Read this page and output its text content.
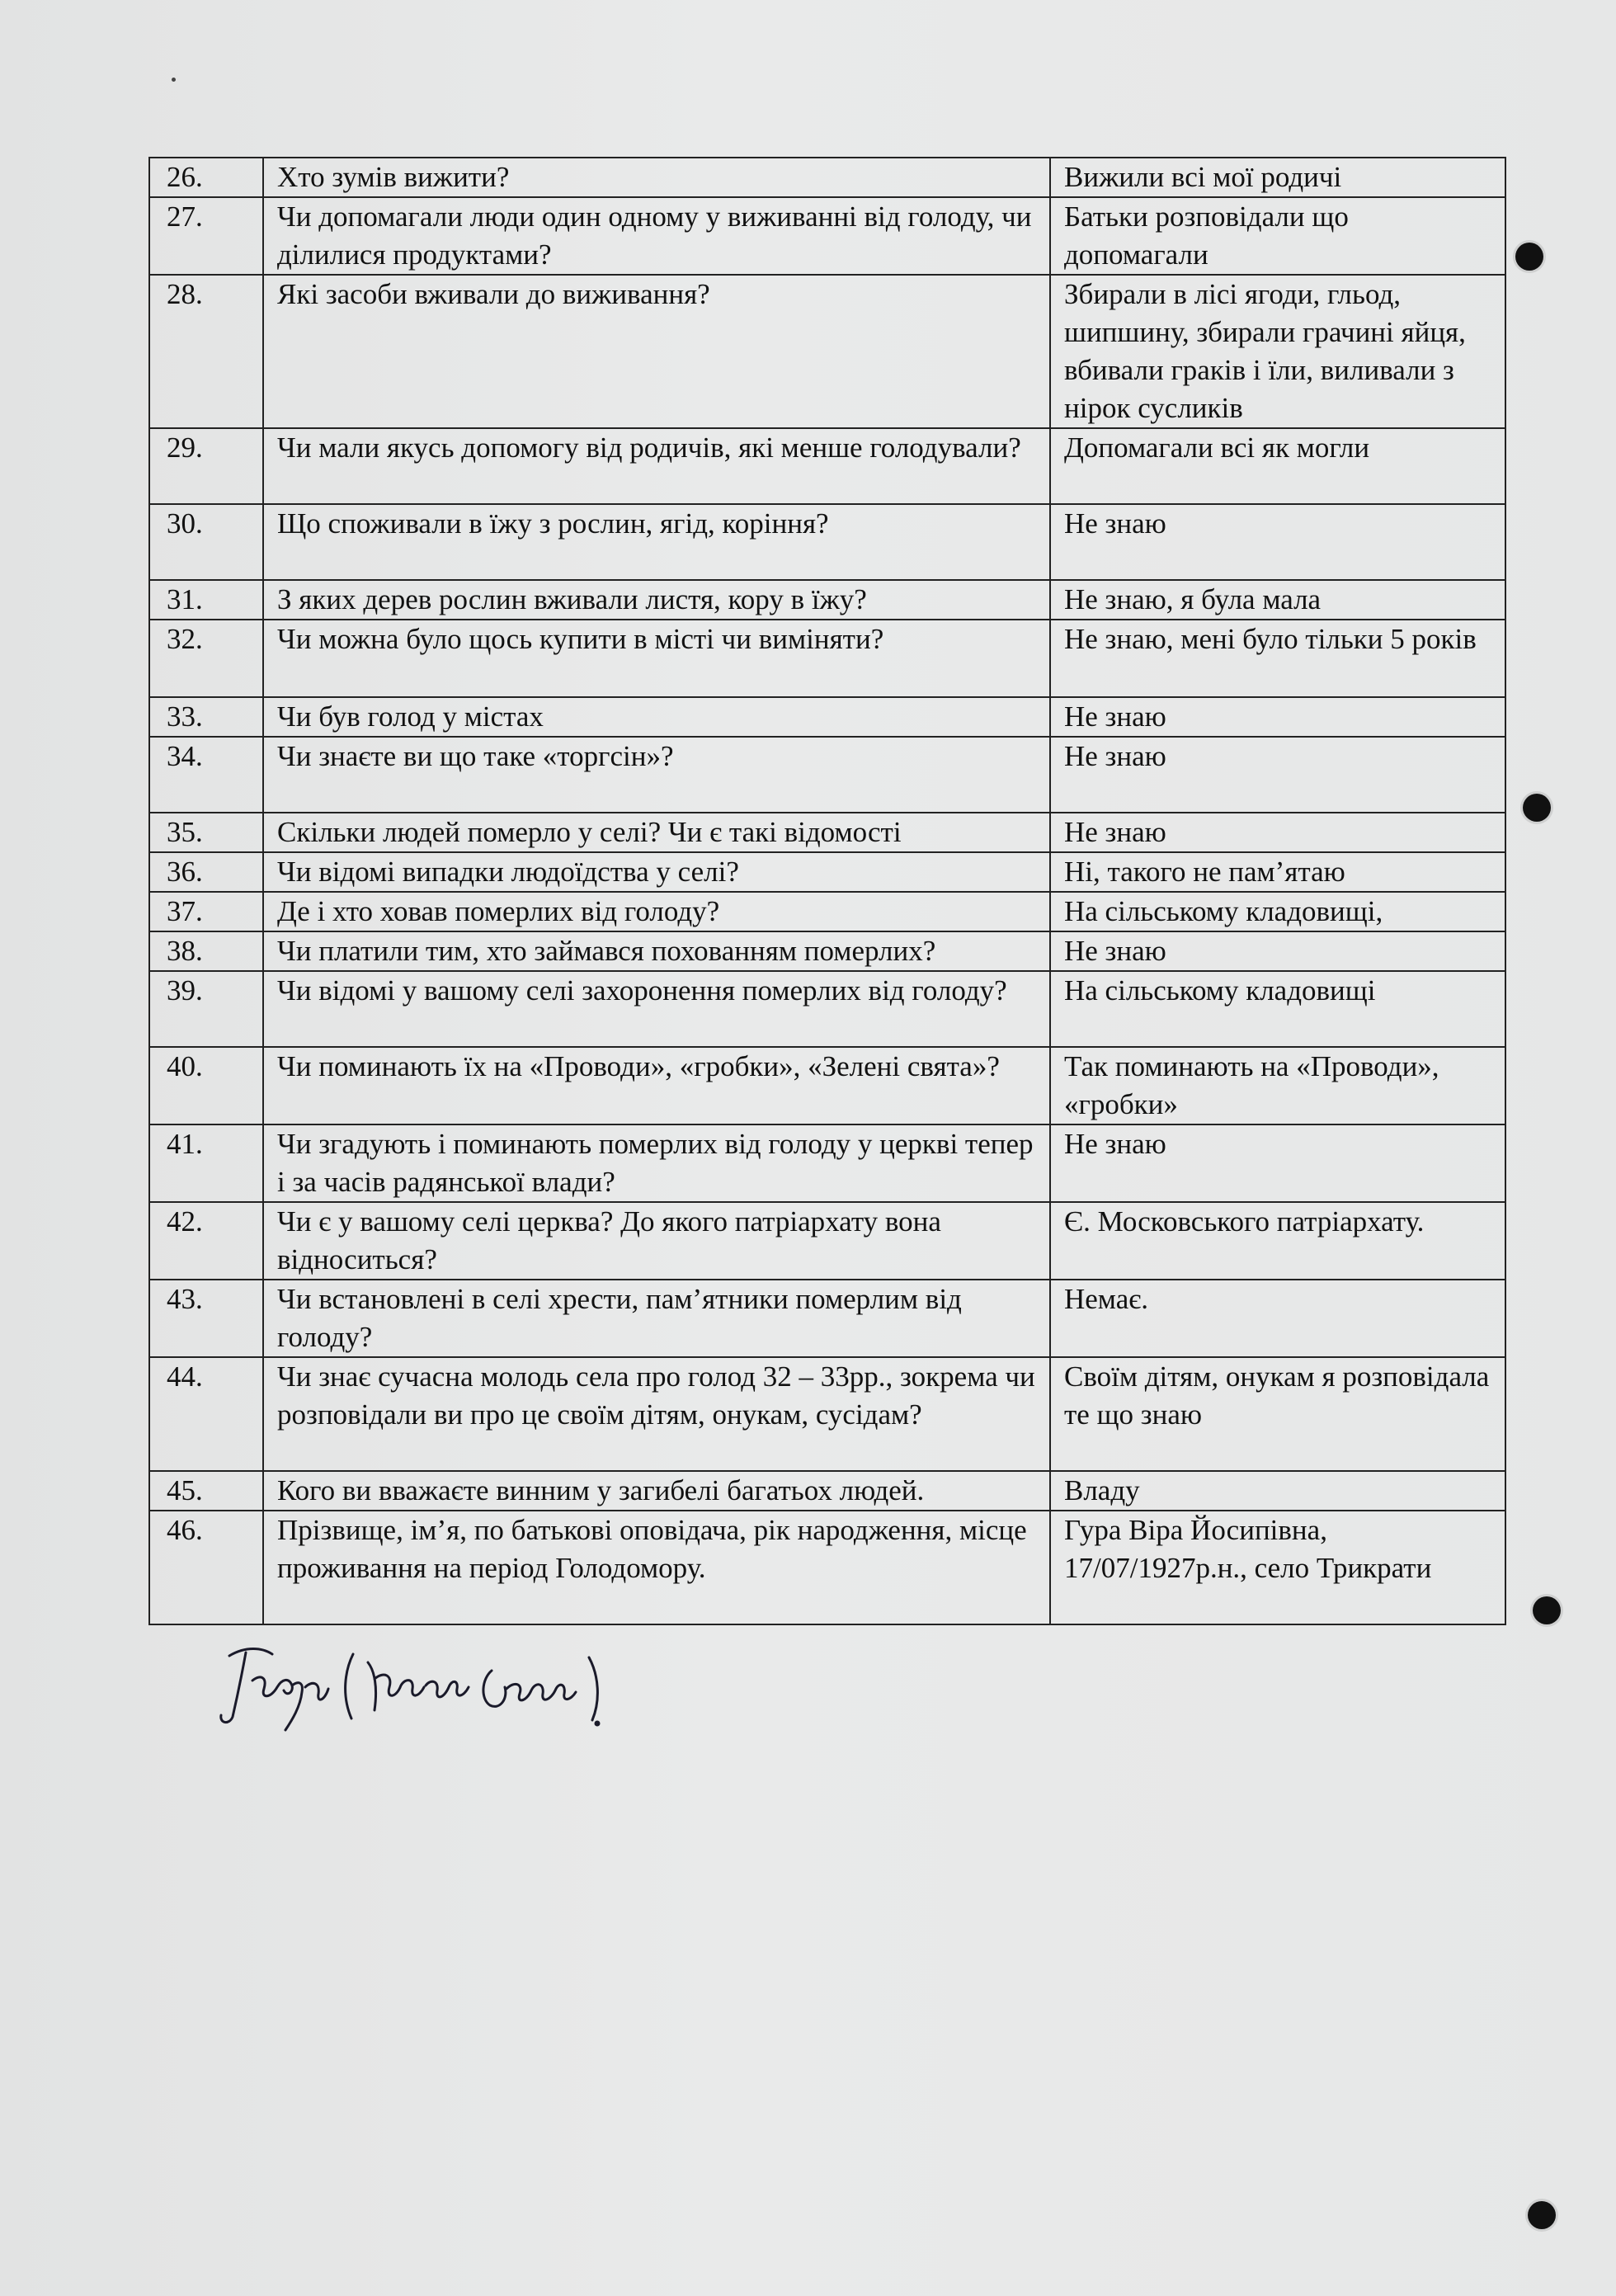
26.	Хто зумів вижити?	Вижили всі мої родичі
27.	Чи допомагали люди один одному у виживанні від голоду, чи ділилися продуктами?	Батьки розповідали що допомагали
28.	Які засоби вживали до виживання?	Збирали в лісі ягоди, гльод, шипшину, збирали грачині яйця, вбивали граків і їли, виливали з нірок сусликів
29.	Чи мали якусь допомогу від родичів, які менше голодували?	Допомагали всі як могли
30.	Що споживали в їжу з рослин, ягід, коріння?	Не знаю
31.	З яких дерев рослин вживали листя, кору в їжу?	Не знаю, я була мала
32.	Чи можна було щось купити в місті чи виміняти?	Не знаю, мені було тільки 5 років
33.	Чи був голод у містах	Не знаю
34.	Чи знаєте ви що таке «торгсін»?	Не знаю
35.	Скільки людей померло у селі? Чи є такі відомості	Не знаю
36.	Чи відомі випадки людоїдства у селі?	Ні, такого не пам’ятаю
37.	Де і хто ховав померлих від голоду?	На сільському кладовищі,
38.	Чи платили тим, хто займався похованням померлих?	Не знаю
39.	Чи відомі у вашому селі захоронення померлих від голоду?	На сільському кладовищі
40.	Чи поминають їх на «Проводи», «гробки», «Зелені свята»?	Так поминають на «Проводи», «гробки»
41.	Чи згадують і поминають померлих від голоду у церкві тепер і за часів радянської влади?	Не знаю
42.	Чи є у вашому селі церква? До якого патріархату вона відноситься?	Є. Московського патріархату.
43.	Чи встановлені в селі хрести, пам’ятники померлим від голоду?	Немає.
44.	Чи знає сучасна молодь села про голод 32 – 33рр., зокрема чи розповідали ви про це своїм дітям, онукам, сусідам?	Своїм дітям, онукам я розповідала те що знаю
45.	Кого ви вважаєте винним у загибелі багатьох людей.	Владу
46.	Прізвище, ім’я, по батькові оповідача, рік народження, місце проживання на період Голодомору.	Гура Віра Йосипівна, 17/07/1927р.н., село Трикрати
